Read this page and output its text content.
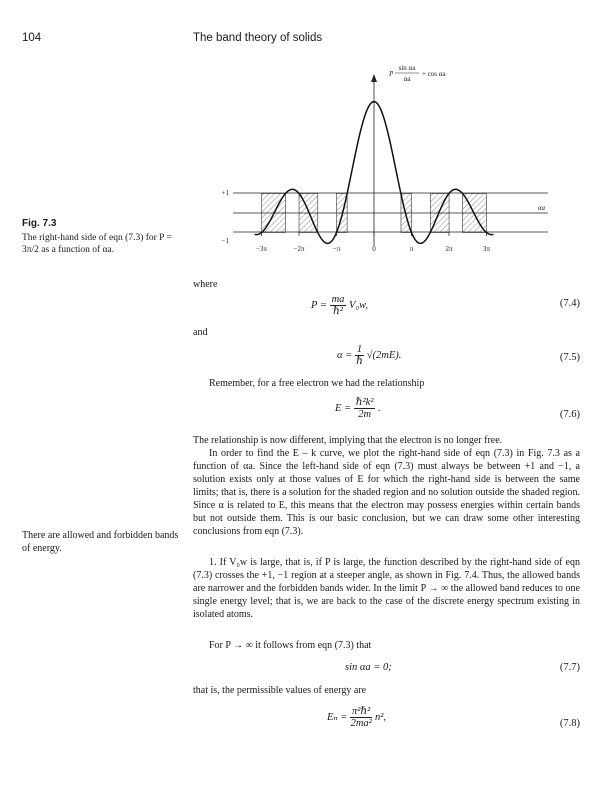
104	The band theory of solids
Fig. 7.3
The right-hand side of eqn (7.3) for P = 3π/2 as a function of αa.	−3π	−2π	−π	0	π	2π	3π
+1
−1
αa
P
sin αa
αa
+ cos αa
where
$P = \frac{ma}{\text{ℏ²}} V_0w$,	(7.4)
and
$\alpha = \frac{1}{\text{ℏ}} √(2mE)$.	(7.5)
Remember, for a free electron we had the relationship
$E = \frac{\text{ℏ²k²}}{2m}$ .
(7.6)
The relationship is now different, implying that the electron is no longer free.
In order to find the E – k curve, we plot the right-hand side of eqn (7.3) in Fig. 7.3 as a function of αa. Since the left-hand side of eqn (7.3) must always be between +1 and −1, a solution exists only at those values of E for which the right-hand side is between the same limits; that is, there is a solution for the shaded region and no solution outside the shaded region. Since α is related to E, this means that the electron may possess energies within certain bands but not outside them. This is our basic conclusion, but we can draw some other interesting conclusions from eqn (7.3).
1. If V₀w is large, that is, if P is large, the function described by the right-hand side of eqn (7.3) crosses the +1, −1 region at a steeper angle, as shown in Fig. 7.4. Thus, the allowed bands are narrower and the forbidden bands wider. In the limit P → ∞ the allowed band reduces to one single energy level; that is, we are back to the case of the discrete energy spectrum existing in isolated atoms.
For P → ∞ it follows from eqn (7.3) that
sin αa = 0;	(7.7)
that is, the permissible values of energy are
$E_n = \frac{\text{π²ℏ²}}{\text{2ma²}} n^2$,
(7.8)
There are allowed and forbidden bands of energy.
